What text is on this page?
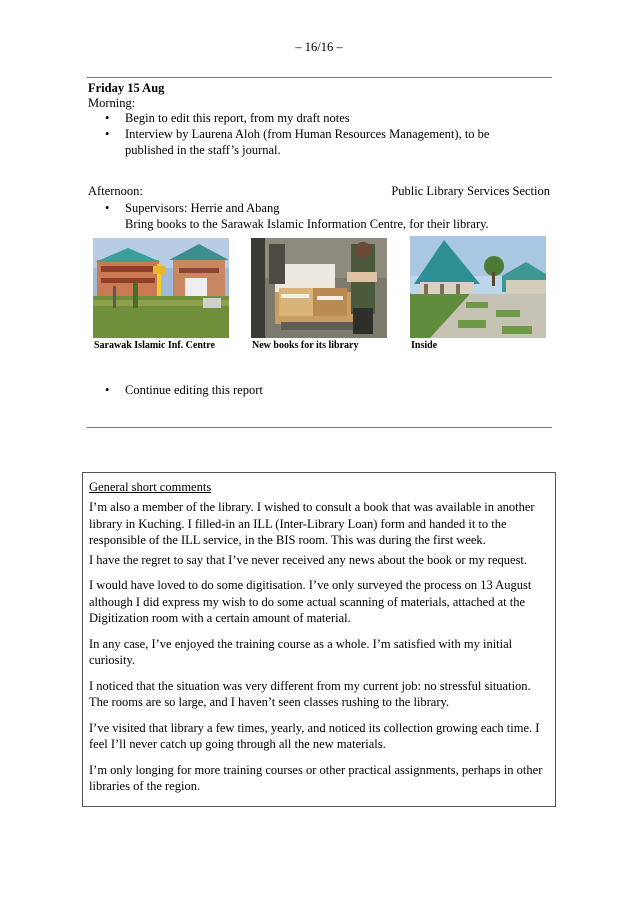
– 16/16 –
Friday 15 Aug
Morning:
• Begin to edit this report, from my draft notes
• Interview by Laurena Aloh (from Human Resources Management), to be published in the staff’s journal.
Afternoon:	Public Library Services Section
• Supervisors: Herrie and Abang
Bring books to the Sarawak Islamic Information Centre, for their library.
Sarawak Islamic Inf. Centre	New books for its library	Inside
• Continue editing this report
General short comments

I’m also a member of the library. I wished to consult a book that was available in another library in Kuching. I filled-in an ILL (Inter-Library Loan) form and handed it to the responsible of the ILL service, in the BIS room. This was during the first week.

I have the regret to say that I’ve never received any news about the book or my request.

I would have loved to do some digitisation. I’ve only surveyed the process on 13 August although I did express my wish to do some actual scanning of materials, attached at the Digitization room with a certain amount of material.

In any case, I’ve enjoyed the training course as a whole. I’m satisfied with my initial curiosity.

I noticed that the situation was very different from my current job: no stressful situation. The rooms are so large, and I haven’t seen classes rushing to the library.

I’ve visited that library a few times, yearly, and noticed its collection growing each time. I feel I’ll never catch up going through all the new materials.

I’m only longing for more training courses or other practical assignments, perhaps in other libraries of the region.
